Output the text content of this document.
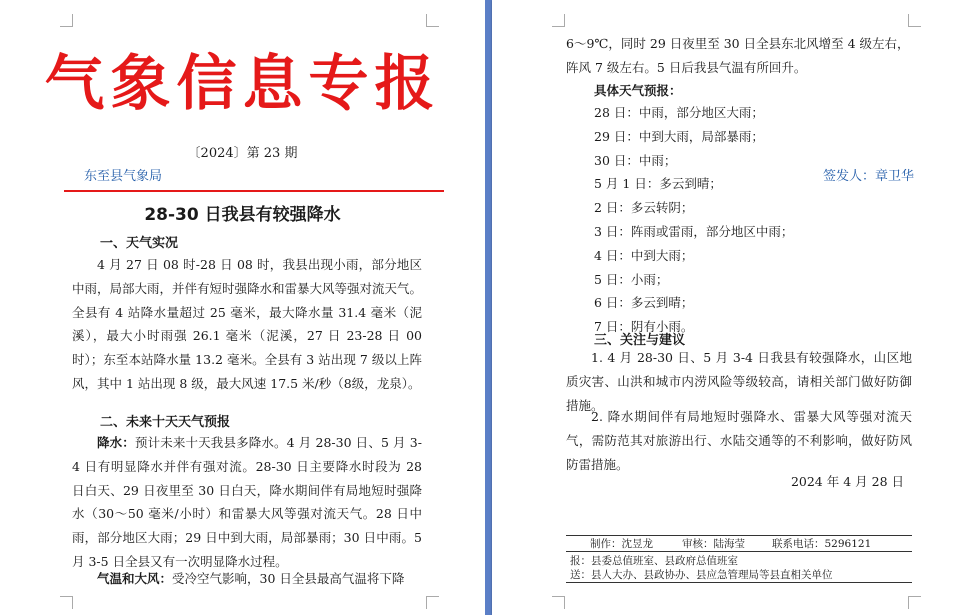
气象信息专报
〔2024〕第 23 期
东至县气象局	签发人：章卫华
28-30 日我县有较强降水
一、天气实况

4 月 27 日 08 时-28 日 08 时，我县出现小雨，部分地区中雨，局部大雨，并伴有短时强降水和雷暴大风等强对流天气。全县有 4 站降水量超过 25 毫米，最大降水量 31.4 毫米（泥溪），最大小时雨强 26.1 毫米（泥溪，27 日 23-28 日 00 时）；东至本站降水量 13.2 毫米。全县有 3 站出现 7 级以上阵风，其中 1 站出现 8 级，最大风速 17.5 米/秒（8级，龙泉）。

二、未来十天天气预报

降水：预计未来十天我县多降水。4 月 28-30 日、5 月 3-4 日有明显降水并伴有强对流。28-30 日主要降水时段为 28 日白天、29 日夜里至 30 日白天，降水期间伴有局地短时强降水（30～50 毫米/小时）和雷暴大风等强对流天气。28 日中雨，部分地区大雨；29 日中到大雨，局部暴雨；30 日中雨。5 月 3-5 日全县又有一次明显降水过程。

气温和大风：受冷空气影响，30 日全县最高气温将下降

6～9℃，同时 29 日夜里至 30 日全县东北风增至 4 级左右，阵风 7 级左右。5 日后我县气温有所回升。

具体天气预报：
28 日：中雨，部分地区大雨；
29 日：中到大雨，局部暴雨；
30 日：中雨；
5 月 1 日：多云到晴；
2 日：多云转阴；
3 日：阵雨或雷雨，部分地区中雨；
4 日：中到大雨；
5 日：小雨；
6 日：多云到晴；
7 日：阴有小雨。
三、关注与建议

1. 4 月 28-30 日、5 月 3-4 日我县有较强降水，山区地质灾害、山洪和城市内涝风险等级较高，请相关部门做好防御措施。

2. 降水期间伴有局地短时强降水、雷暴大风等强对流天气，需防范其对旅游出行、水陆交通等的不利影响，做好防风防雷措施。

2024 年 4 月 28 日
制作：沈昱龙	审核：陆海莹	联系电话：5296121
报：县委总值班室、县政府总值班室
送：县人大办、县政协办、县应急管理局等县直相关单位
